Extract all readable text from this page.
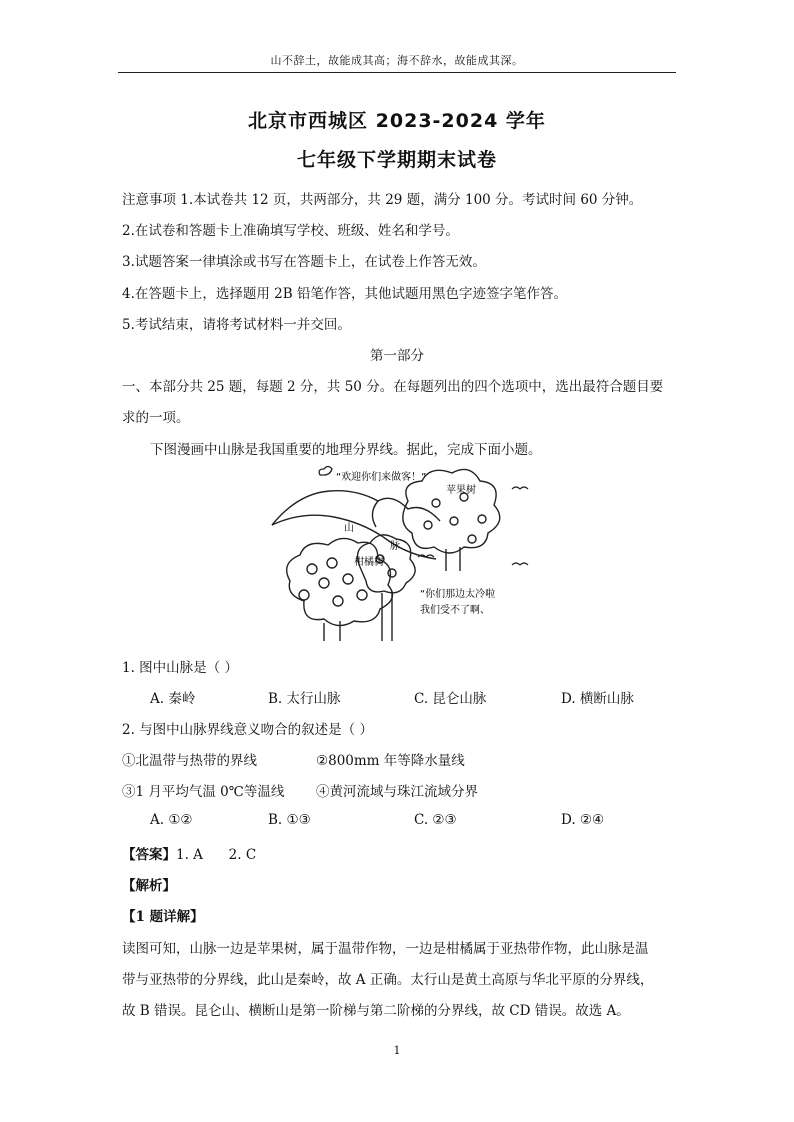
山不辞土，故能成其高；海不辞水，故能成其深。
北京市西城区 2023-2024 学年
七年级下学期期末试卷
注意事项 1.本试卷共 12 页，共两部分，共 29 题，满分 100 分。考试时间 60 分钟。
2.在试卷和答题卡上准确填写学校、班级、姓名和学号。
3.试题答案一律填涂或书写在答题卡上，在试卷上作答无效。
4.在答题卡上，选择题用 2B 铅笔作答，其他试题用黑色字迹签字笔作答。
5.考试结束，请将考试材料一并交回。
第一部分
一、本部分共 25 题，每题 2 分，共 50 分。在每题列出的四个选项中，选出最符合题目要
求的一项。
下图漫画中山脉是我国重要的地理分界线。据此，完成下面小题。
“欢迎你们来做客！”
山
脉
苹果树
柑橘树
“你们那边太冷啦
我们受不了啊、
1. 图中山脉是（ ）
A. 秦岭	B. 太行山脉	C. 昆仑山脉	D. 横断山脉
2. 与图中山脉界线意义吻合的叙述是（ ）
①北温带与热带的界线	②800mm 年等降水量线
③1 月平均气温 0℃等温线 ④黄河流域与珠江流域分界
A. ①②	B. ①③	C. ②③	D. ②④
【答案】1. A      2. C
【解析】
【1 题详解】
读图可知，山脉一边是苹果树，属于温带作物，一边是柑橘属于亚热带作物，此山脉是温
带与亚热带的分界线，此山是秦岭，故 A 正确。太行山是黄土高原与华北平原的分界线，
故 B 错误。昆仑山、横断山是第一阶梯与第二阶梯的分界线，故 CD 错误。故选 A。
1
